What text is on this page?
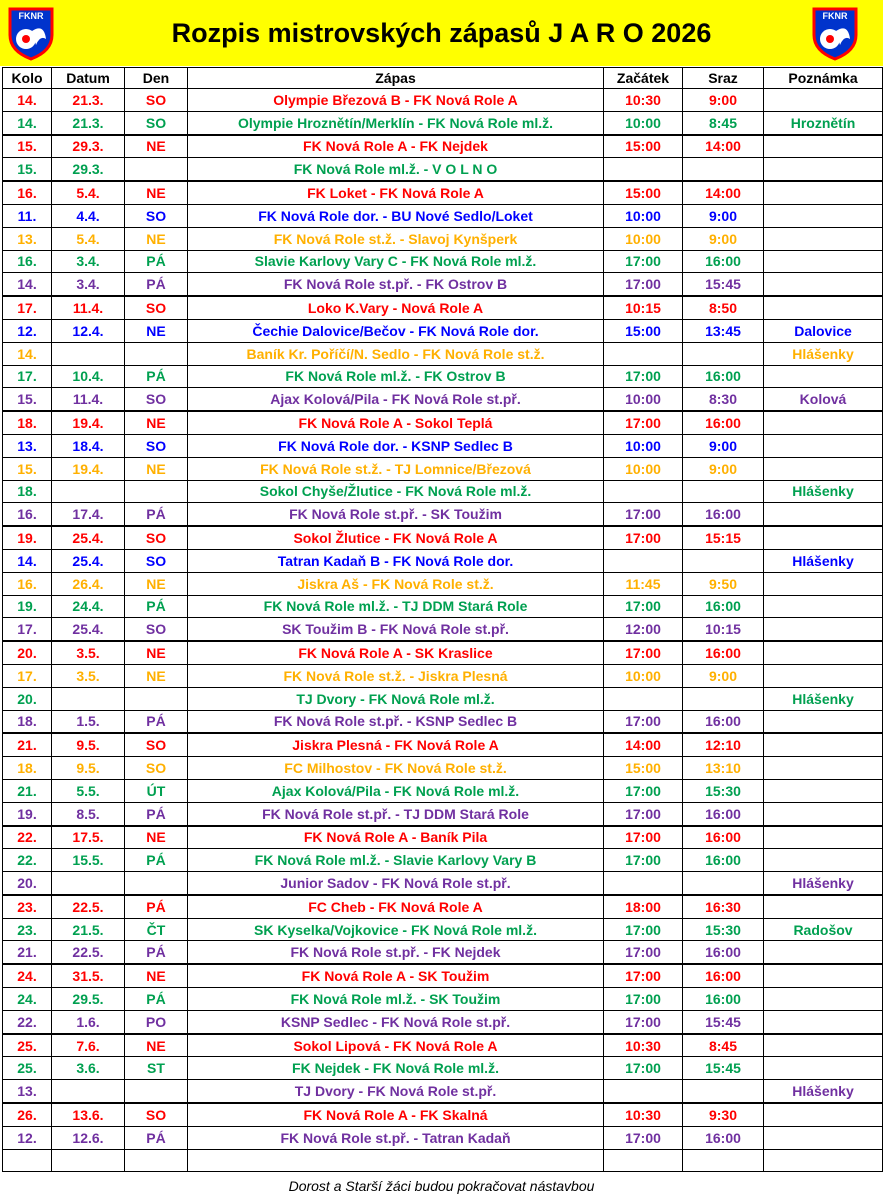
FKNR
Rozpis mistrovských zápasů J A R O 2026
FKNR
Kolo	Datum	Den	Zápas	Začátek	Sraz	Poznámka
14.	21.3.	SO	Olympie Březová B - FK Nová Role A	10:30	9:00	
14.	21.3.	SO	Olympie Hroznětín/Merklín - FK Nová Role ml.ž.	10:00	8:45	Hroznětín
15.	29.3.	NE	FK Nová Role A - FK Nejdek	15:00	14:00	
15.	29.3.		FK Nová Role ml.ž. - V O L N O			
16.	5.4.	NE	FK Loket - FK Nová Role A	15:00	14:00	
11.	4.4.	SO	FK Nová Role dor. - BU Nové Sedlo/Loket	10:00	9:00	
13.	5.4.	NE	FK Nová Role st.ž. - Slavoj Kynšperk	10:00	9:00	
16.	3.4.	PÁ	Slavie Karlovy Vary C - FK Nová Role ml.ž.	17:00	16:00	
14.	3.4.	PÁ	FK Nová Role st.př. - FK Ostrov B	17:00	15:45	
17.	11.4.	SO	Loko K.Vary - Nová Role A	10:15	8:50	
12.	12.4.	NE	Čechie Dalovice/Bečov - FK Nová Role dor.	15:00	13:45	Dalovice
14.			Baník Kr. Poříčí/N. Sedlo - FK Nová Role st.ž.			Hlášenky
17.	10.4.	PÁ	FK Nová Role ml.ž. - FK Ostrov B	17:00	16:00	
15.	11.4.	SO	Ajax Kolová/Pila - FK Nová Role st.př.	10:00	8:30	Kolová
18.	19.4.	NE	FK Nová Role A - Sokol Teplá	17:00	16:00	
13.	18.4.	SO	FK Nová Role dor. - KSNP Sedlec B	10:00	9:00	
15.	19.4.	NE	FK Nová Role st.ž. - TJ Lomnice/Březová	10:00	9:00	
18.			Sokol Chyše/Žlutice - FK Nová Role ml.ž.			Hlášenky
16.	17.4.	PÁ	FK Nová Role st.př. - SK Toužim	17:00	16:00	
19.	25.4.	SO	Sokol Žlutice - FK Nová Role A	17:00	15:15	
14.	25.4.	SO	Tatran Kadaň B - FK Nová Role dor.			Hlášenky
16.	26.4.	NE	Jiskra Aš - FK Nová Role st.ž.	11:45	9:50	
19.	24.4.	PÁ	FK Nová Role ml.ž. - TJ DDM Stará Role	17:00	16:00	
17.	25.4.	SO	SK Toužim B - FK Nová Role st.př.	12:00	10:15	
20.	3.5.	NE	FK Nová Role A - SK Kraslice	17:00	16:00	
17.	3.5.	NE	FK Nová Role st.ž. - Jiskra Plesná	10:00	9:00	
20.			TJ Dvory - FK Nová Role ml.ž.			Hlášenky
18.	1.5.	PÁ	FK Nová Role st.př. - KSNP Sedlec B	17:00	16:00	
21.	9.5.	SO	Jiskra Plesná - FK Nová Role A	14:00	12:10	
18.	9.5.	SO	FC Milhostov - FK Nová Role st.ž.	15:00	13:10	
21.	5.5.	ÚT	Ajax Kolová/Pila - FK Nová Role ml.ž.	17:00	15:30	
19.	8.5.	PÁ	FK Nová Role st.př. - TJ DDM Stará Role	17:00	16:00	
22.	17.5.	NE	FK Nová Role A - Baník Pila	17:00	16:00	
22.	15.5.	PÁ	FK Nová Role ml.ž. - Slavie Karlovy Vary B	17:00	16:00	
20.			Junior Sadov - FK Nová Role st.př.			Hlášenky
23.	22.5.	PÁ	FC Cheb - FK Nová Role A	18:00	16:30	
23.	21.5.	ČT	SK Kyselka/Vojkovice - FK Nová Role ml.ž.	17:00	15:30	Radošov
21.	22.5.	PÁ	FK Nová Role st.př. - FK Nejdek	17:00	16:00	
24.	31.5.	NE	FK Nová Role A - SK Toužim	17:00	16:00	
24.	29.5.	PÁ	FK Nová Role ml.ž. - SK Toužim	17:00	16:00	
22.	1.6.	PO	KSNP Sedlec - FK Nová Role st.př.	17:00	15:45	
25.	7.6.	NE	Sokol Lipová - FK Nová Role A	10:30	8:45	
25.	3.6.	ST	FK Nejdek - FK Nová Role ml.ž.	17:00	15:45	
13.			TJ Dvory - FK Nová Role st.př.			Hlášenky
26.	13.6.	SO	FK Nová Role A - FK Skalná	10:30	9:30	
12.	12.6.	PÁ	FK Nová Role st.př. - Tatran Kadaň	17:00	16:00	

Dorost a Starší žáci budou pokračovat nástavbou
